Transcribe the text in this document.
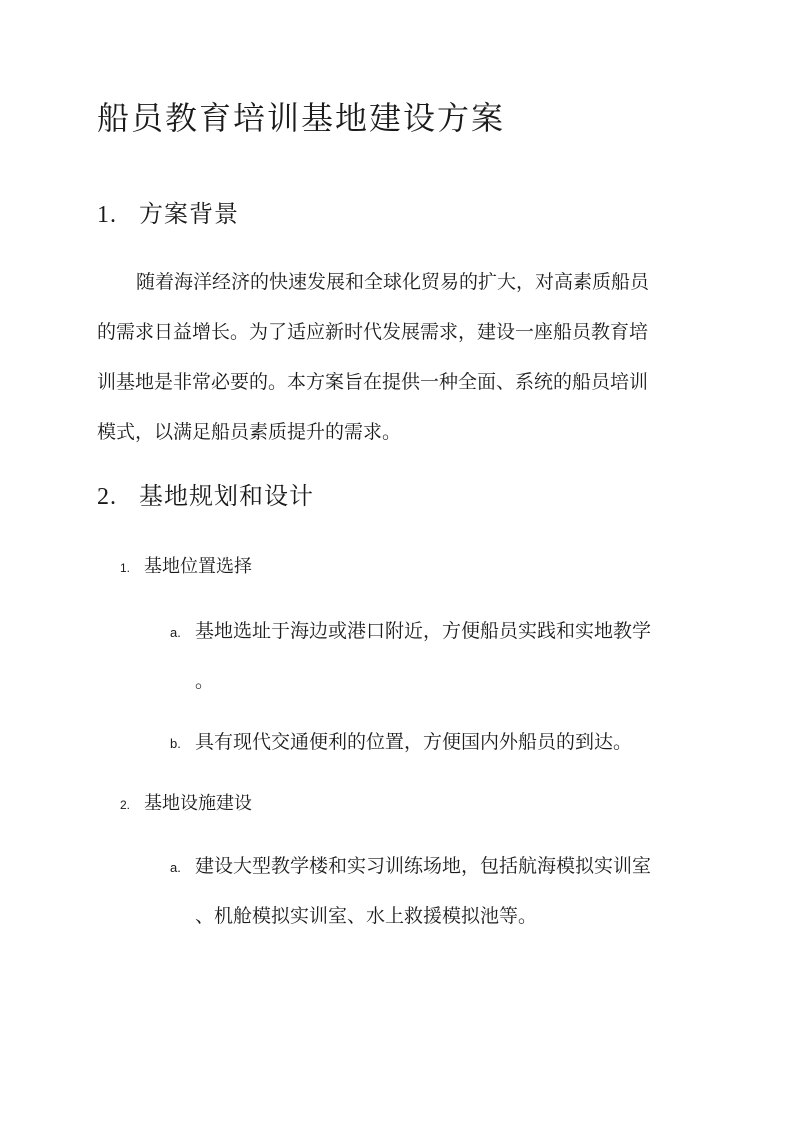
船员教育培训基地建设方案
1. 方案背景
随着海洋经济的快速发展和全球化贸易的扩大，对高素质船员
的需求日益增长。为了适应新时代发展需求，建设一座船员教育培
训基地是非常必要的。本方案旨在提供一种全面、系统的船员培训
模式，以满足船员素质提升的需求。
2. 基地规划和设计
1. 基地位置选择
a. 基地选址于海边或港口附近，方便船员实践和实地教学
。
b. 具有现代交通便利的位置，方便国内外船员的到达。
2. 基地设施建设
a. 建设大型教学楼和实习训练场地，包括航海模拟实训室
、机舱模拟实训室、水上救援模拟池等。
